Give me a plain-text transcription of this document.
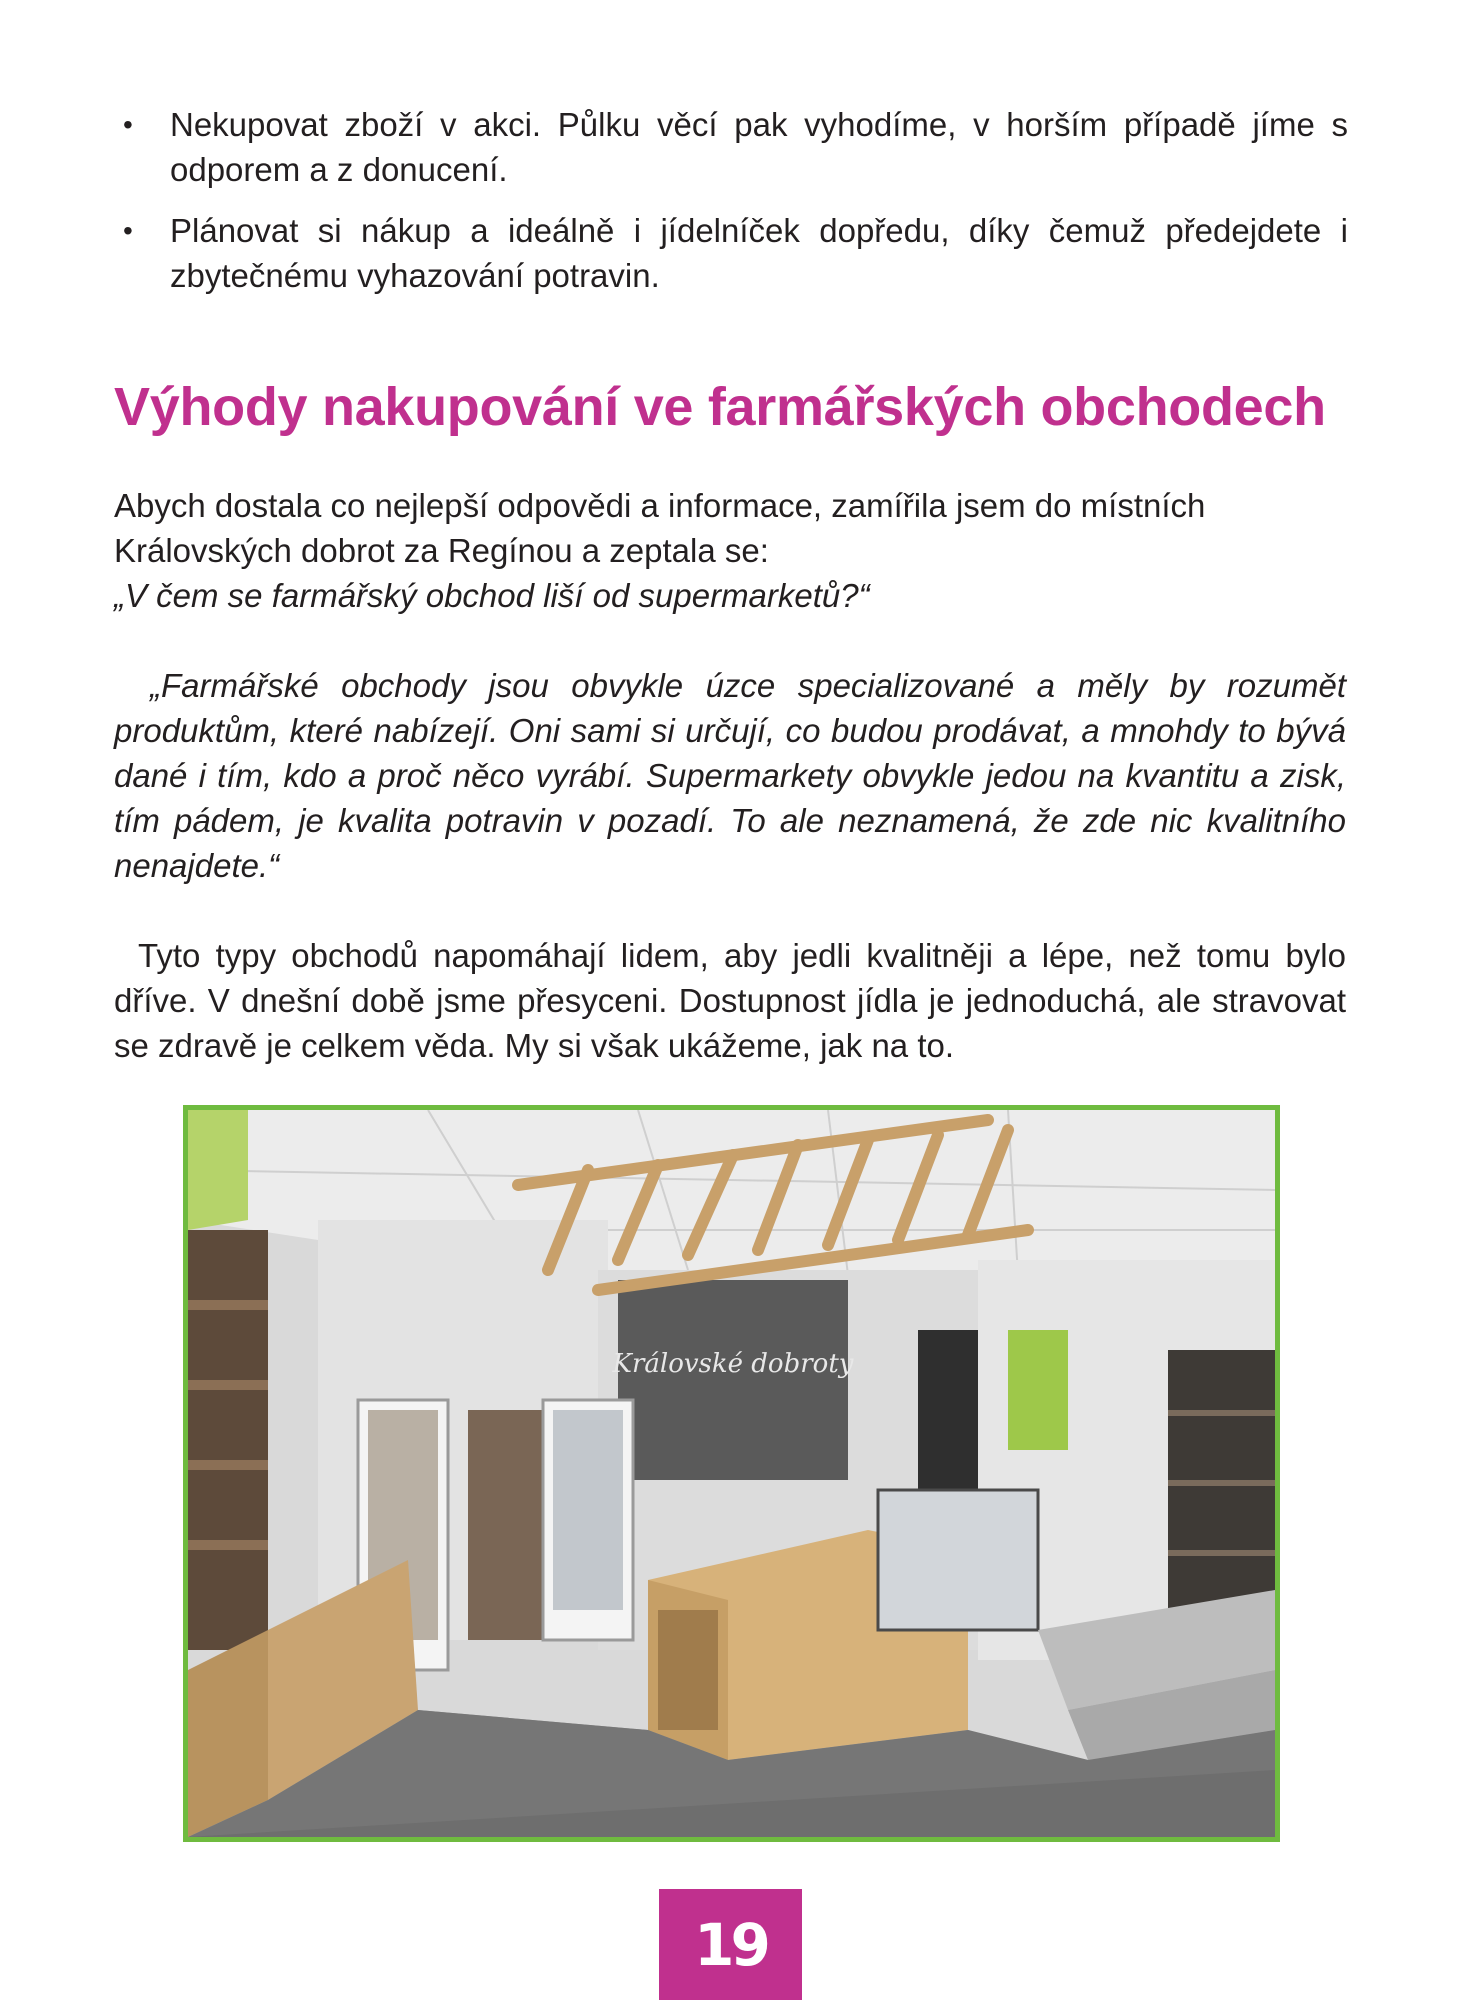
• Nekupovat zboží v akci. Půlku věcí pak vyhodíme, v horším případě jíme s odporem a z donucení.
• Plánovat si nákup a ideálně i jídelníček dopředu, díky čemuž předejdete i zbytečnému vyhazování potravin.
Výhody nakupování ve farmářských obchodech

Abych dostala co nejlepší odpovědi a informace, zamířila jsem do místních Královských dobrot za Regínou a zeptala se:
„V čem se farmářský obchod liší od supermarketů?“

„Farmářské obchody jsou obvykle úzce specializované a měly by rozumět produktům, které nabízejí. Oni sami si určují, co budou prodávat, a mnohdy to bývá dané i tím, kdo a proč něco vyrábí. Supermarkety obvykle jedou na kvantitu a zisk, tím pádem, je kvalita potravin v pozadí. To ale neznamená, že zde nic kvalitního nenajdete.“

Tyto typy obchodů napomáhají lidem, aby jedli kvalitněji a lépe, než tomu bylo dříve. V dnešní době jsme přesyceni. Dostupnost jídla je jednoduchá, ale stravovat se zdravě je celkem věda. My si však ukážeme, jak na to.

Královské dobroty
19
